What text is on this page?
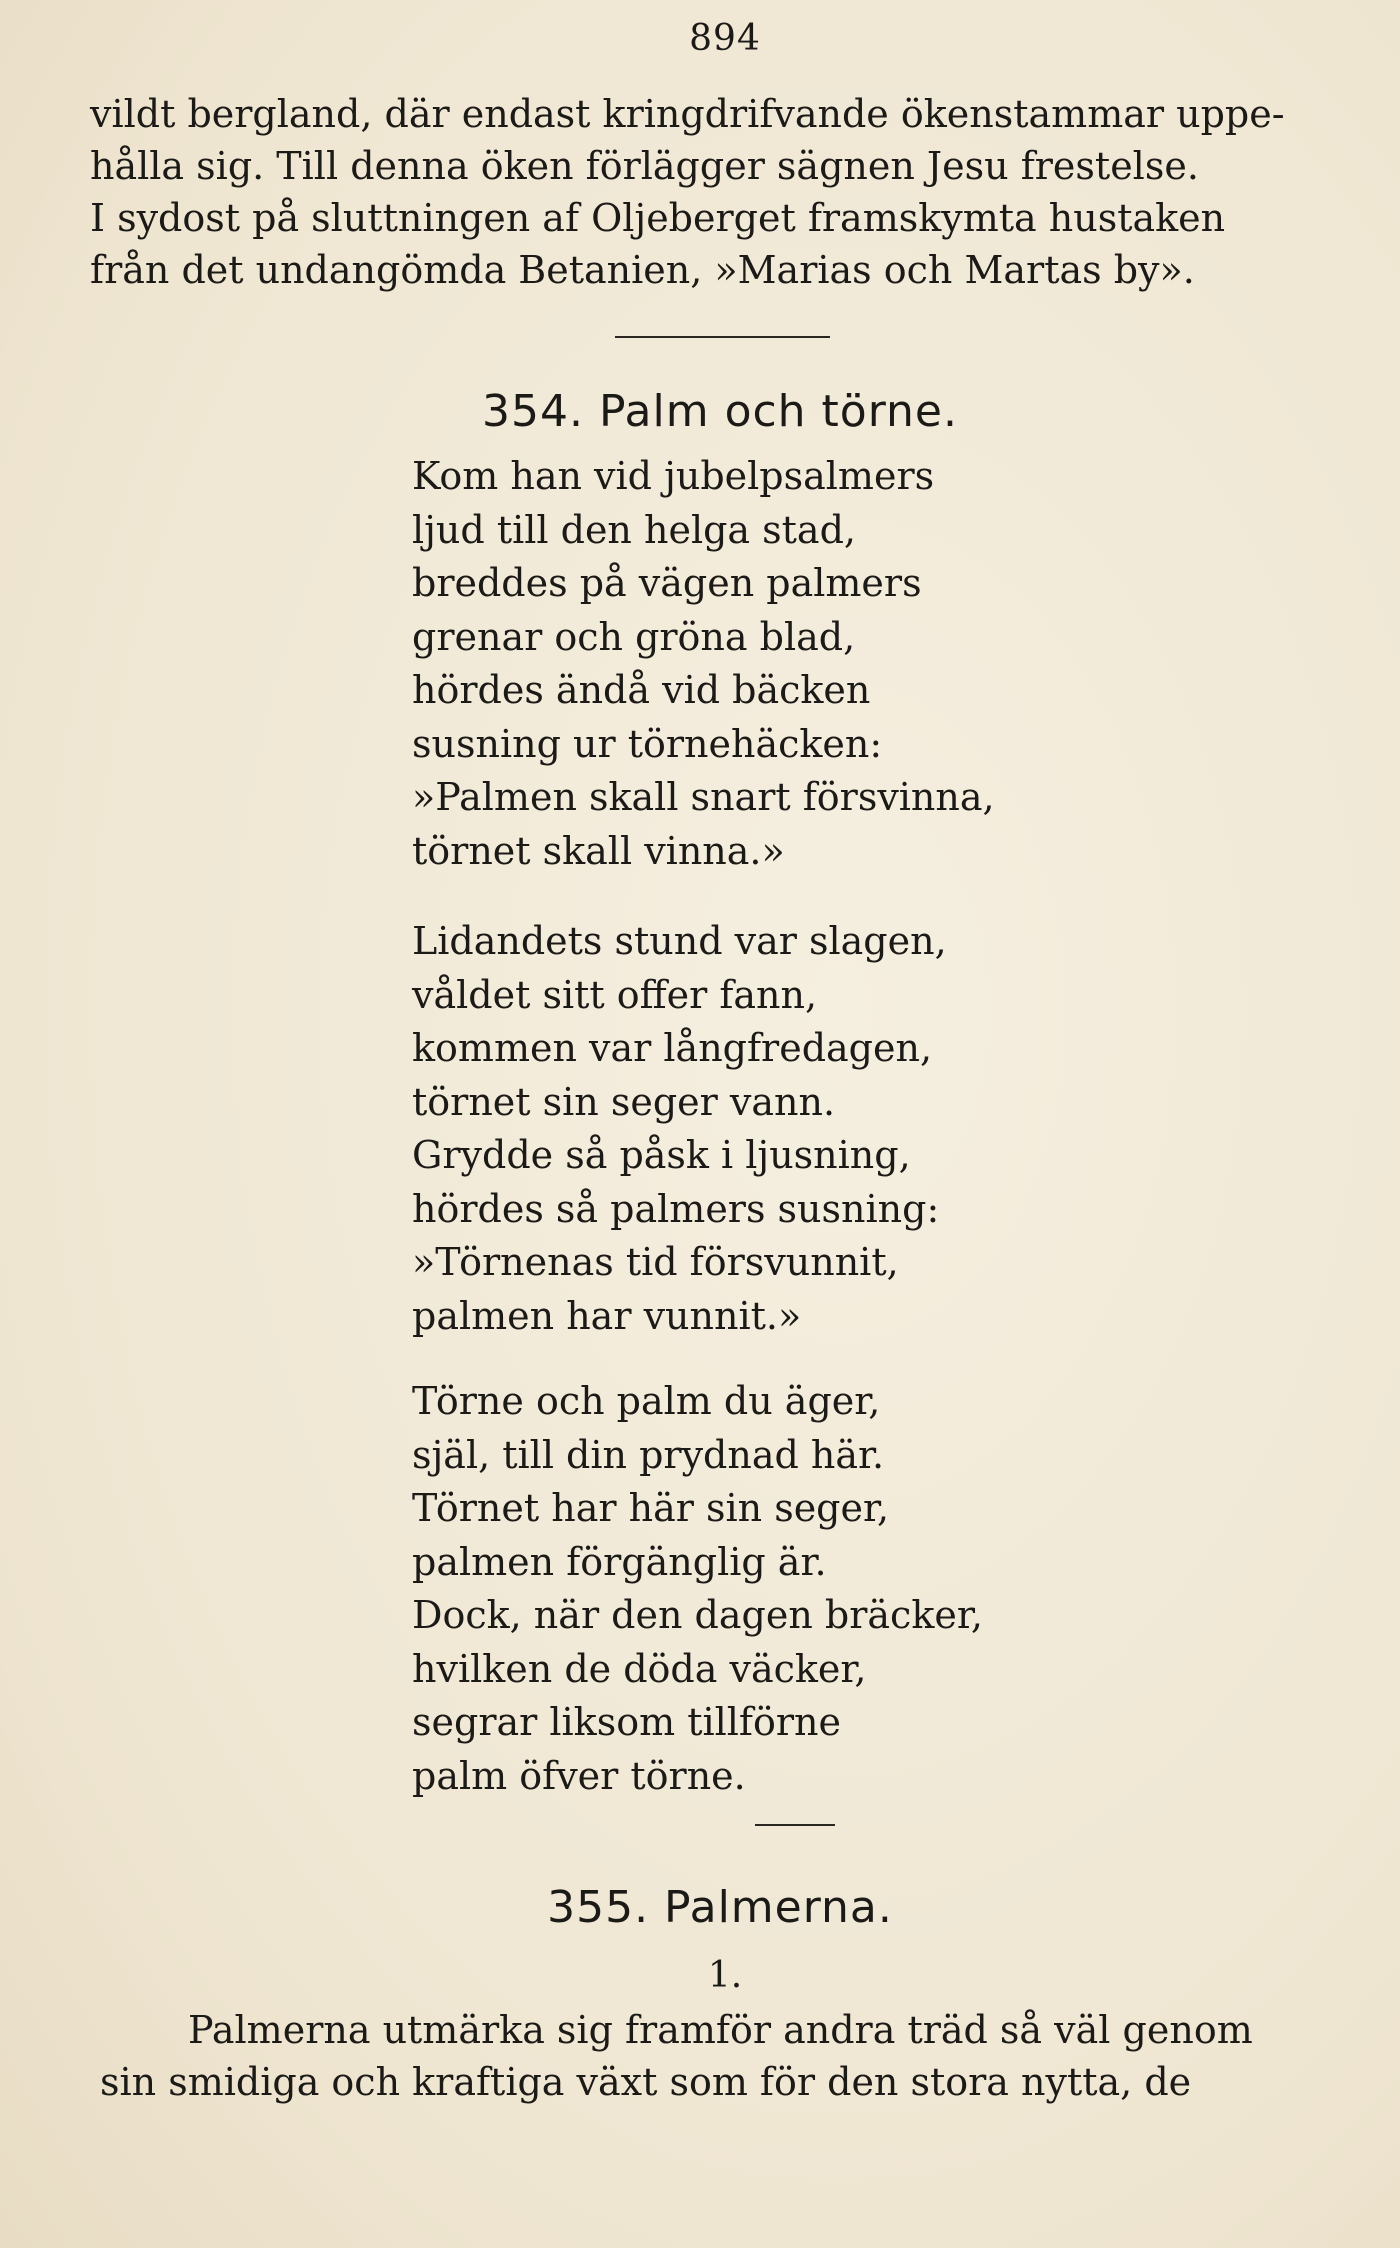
894

vildt bergland, där endast kringdrifvande ökenstammar uppe-

hålla sig. Till denna öken förlägger sägnen Jesu frestelse.

I sydost på sluttningen af Oljeberget framskymta hustaken

från det undangömda Betanien, »Marias och Martas by».

354. Palm och törne.

Kom han vid jubelpsalmers

ljud till den helga stad,

breddes på vägen palmers

grenar och gröna blad,

hördes ändå vid bäcken

susning ur törnehäcken:

»Palmen skall snart försvinna,

törnet skall vinna.»

Lidandets stund var slagen,

våldet sitt offer fann,

kommen var långfredagen,

törnet sin seger vann.

Grydde så påsk i ljusning,

hördes så palmers susning:

»Törnenas tid försvunnit,

palmen har vunnit.»

Törne och palm du äger,

själ, till din prydnad här.

Törnet har här sin seger,

palmen förgänglig är.

Dock, när den dagen bräcker,

hvilken de döda väcker,

segrar liksom tillförne

palm öfver törne.

355. Palmerna.
1.

Palmerna utmärka sig framför andra träd så väl genom

sin smidiga och kraftiga växt som för den stora nytta, de
